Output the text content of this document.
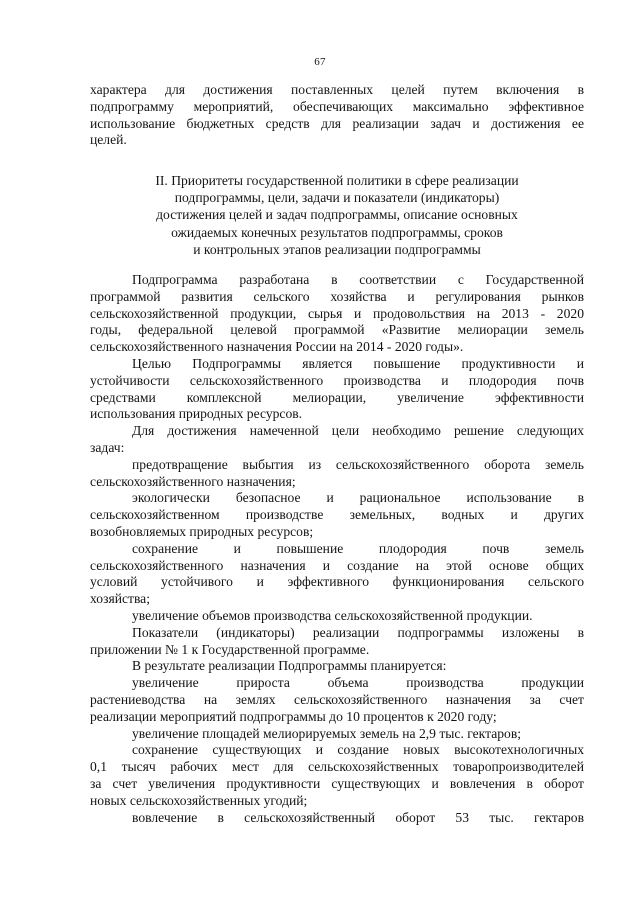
67
характера для достижения поставленных целей путем включения в
подпрограмму мероприятий, обеспечивающих максимально эффективное
использование бюджетных средств для реализации задач и достижения ее
целей.
II. Приоритеты государственной политики в сфере реализации
подпрограммы, цели, задачи и показатели (индикаторы)
достижения целей и задач подпрограммы, описание основных
ожидаемых конечных результатов подпрограммы, сроков
и контрольных этапов реализации подпрограммы
Подпрограмма разработана в соответствии с Государственной
программой развития сельского хозяйства и регулирования рынков
сельскохозяйственной продукции, сырья и продовольствия на 2013 - 2020
годы, федеральной целевой программой «Развитие мелиорации земель
сельскохозяйственного назначения России на 2014 - 2020 годы».
Целью Подпрограммы является повышение продуктивности и
устойчивости сельскохозяйственного производства и плодородия почв
средствами комплексной мелиорации, увеличение эффективности
использования природных ресурсов.
Для достижения намеченной цели необходимо решение следующих
задач:
предотвращение выбытия из сельскохозяйственного оборота земель
сельскохозяйственного назначения;
экологически безопасное и рациональное использование в
сельскохозяйственном производстве земельных, водных и других
возобновляемых природных ресурсов;
сохранение и повышение плодородия почв земель
сельскохозяйственного назначения и создание на этой основе общих
условий устойчивого и эффективного функционирования сельского
хозяйства;
увеличение объемов производства сельскохозяйственной продукции.
Показатели (индикаторы) реализации подпрограммы изложены в
приложении № 1 к Государственной программе.
В результате реализации Подпрограммы планируется:
увеличение прироста объема производства продукции
растениеводства на землях сельскохозяйственного назначения за счет
реализации мероприятий подпрограммы до 10 процентов к 2020 году;
увеличение площадей мелиорируемых земель на 2,9 тыс. гектаров;
сохранение существующих и создание новых высокотехнологичных
0,1 тысяч рабочих мест для сельскохозяйственных товаропроизводителей
за счет увеличения продуктивности существующих и вовлечения в оборот
новых сельскохозяйственных угодий;
вовлечение в сельскохозяйственный оборот 53 тыс. гектаров
